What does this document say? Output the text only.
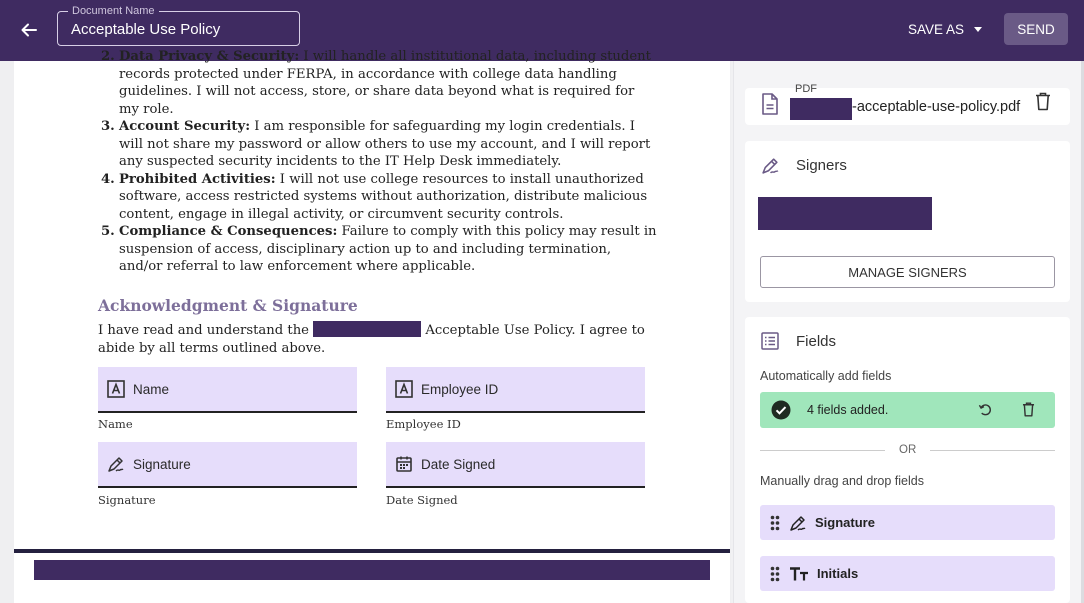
Document Name
Acceptable Use Policy
SAVE AS	SEND
2. Data Privacy & Security: I will handle all institutional data, including student records protected under FERPA, in accordance with college data handling guidelines. I will not access, store, or share data beyond what is required for my role.
3. Account Security: I am responsible for safeguarding my login credentials. I will not share my password or allow others to use my account, and I will report any suspected security incidents to the IT Help Desk immediately.
4. Prohibited Activities: I will not use college resources to install unauthorized software, access restricted systems without authorization, distribute malicious content, engage in illegal activity, or circumvent security controls.
5. Compliance & Consequences: Failure to comply with this policy may result in suspension of access, disciplinary action up to and including termination, and/or referral to law enforcement where applicable.
Acknowledgment & Signature
I have read and understand the	Acceptable Use Policy. I agree to abide by all terms outlined above.
Name
Name
Employee ID
Employee ID
Signature
Signature
Date Signed
Date Signed
PDF
-acceptable-use-policy.pdf
Signers
MANAGE SIGNERS
Fields
Automatically add fields
4 fields added.
OR
Manually drag and drop fields
Signature
Initials
